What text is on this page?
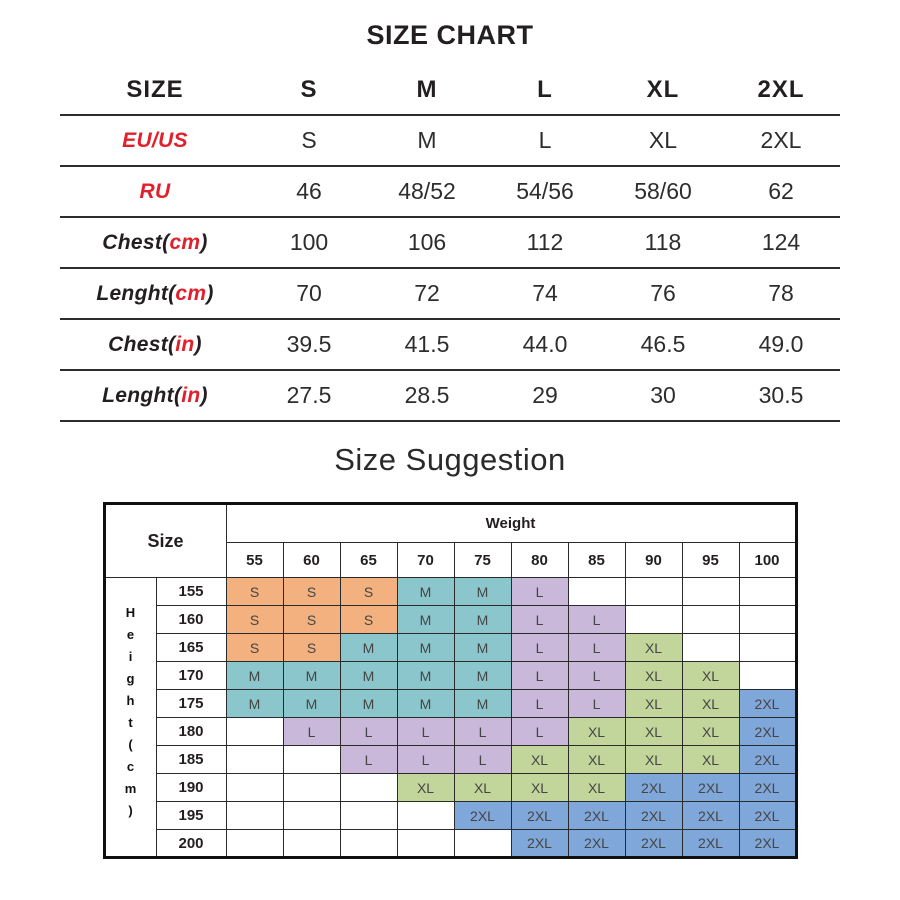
SIZE CHART
SIZE	S	M	L	XL	2XL
EU/US	S	M	L	XL	2XL
RU	46	48/52	54/56	58/60	62
Chest(cm)	100	106	112	118	124
Lenght(cm)	70	72	74	76	78
Chest(in)	39.5	41.5	44.0	46.5	49.0
Lenght(in)	27.5	28.5	29	30	30.5
Size Suggestion
Size		Weight									
		55	60	65	70	75	80	85	90	95	100
Height(cm)	155	S	S	S	M	M	L				
	160	S	S	S	M	M	L	L			
	165	S	S	M	M	M	L	L	XL		
	170	M	M	M	M	M	L	L	XL	XL	
	175	M	M	M	M	M	L	L	XL	XL	2XL
	180		L	L	L	L	L	XL	XL	XL	2XL
	185			L	L	L	XL	XL	XL	XL	2XL
	190				XL	XL	XL	XL	2XL	2XL	2XL
	195					2XL	2XL	2XL	2XL	2XL	2XL
	200						2XL	2XL	2XL	2XL	2XL
